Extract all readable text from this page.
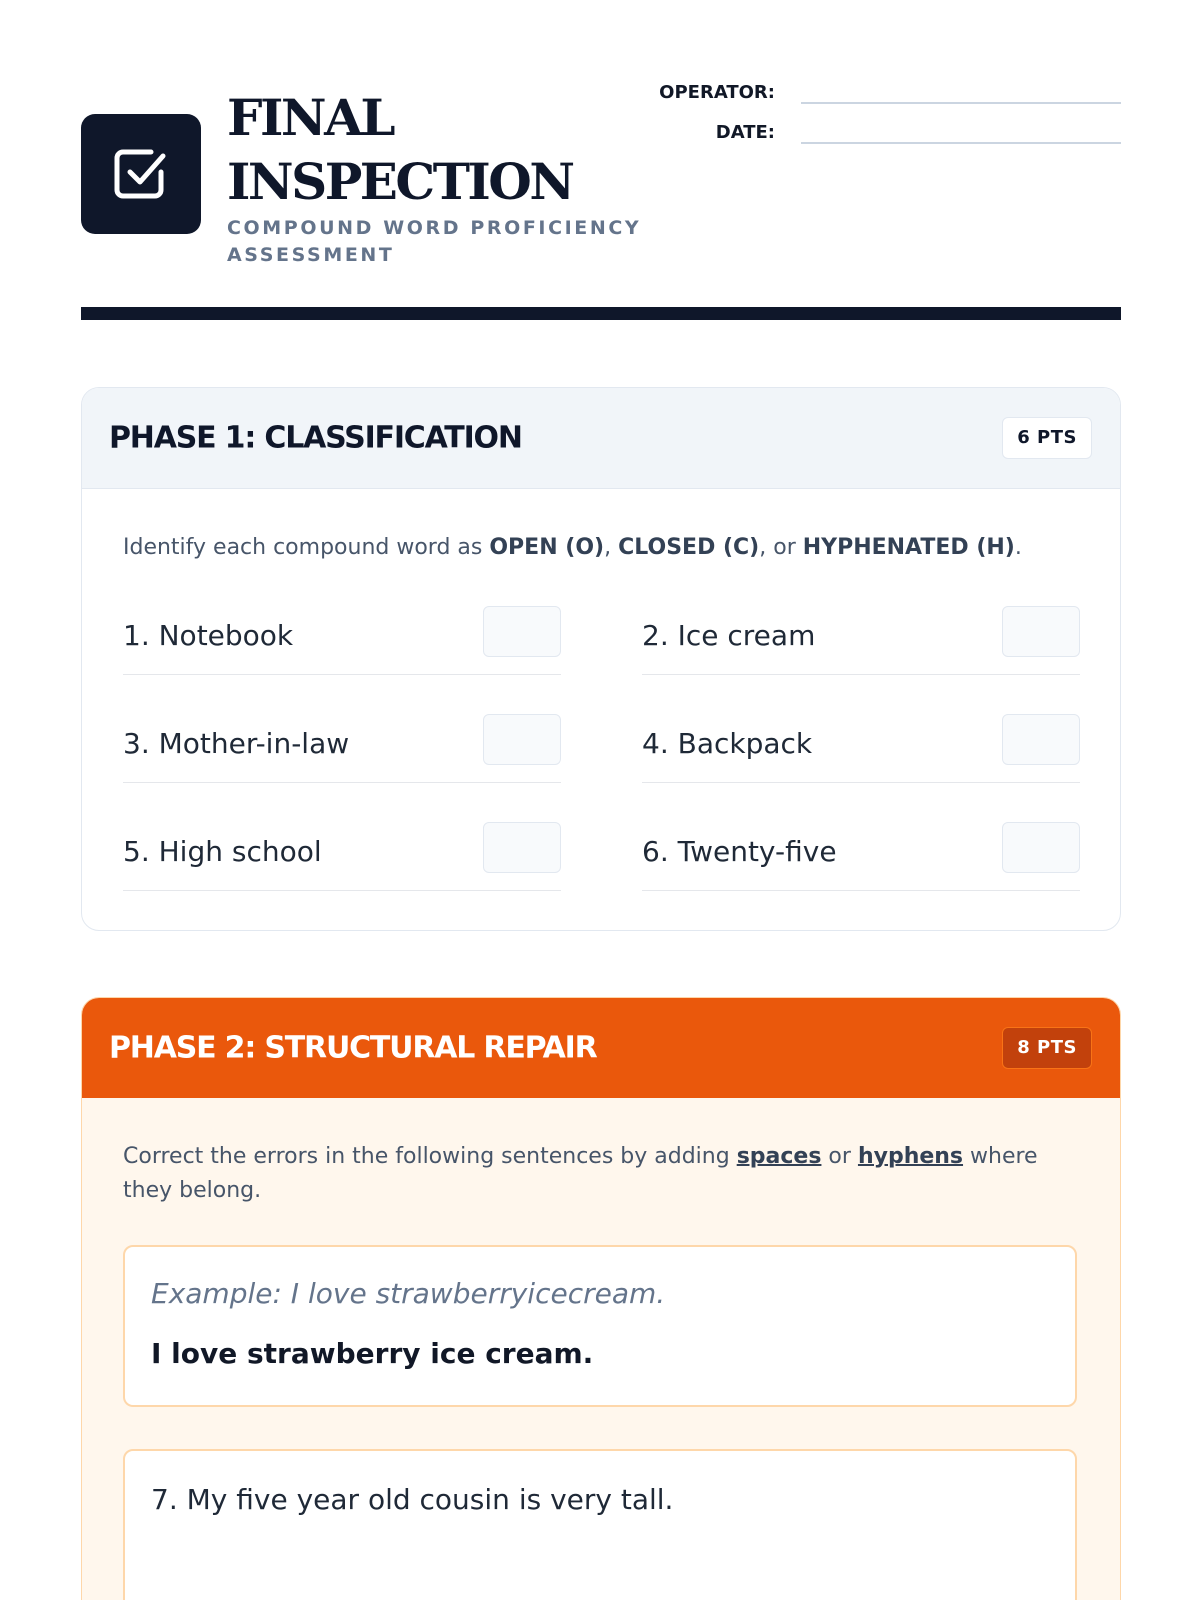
FINAL
INSPECTION
COMPOUND WORD PROFICIENCY ASSESSMENT
OPERATOR:
DATE:
PHASE 1: CLASSIFICATION	6 PTS
Identify each compound word as OPEN (O), CLOSED (C), or HYPHENATED (H).
1. Notebook	2. Ice cream
3. Mother-in-law	4. Backpack
5. High school	6. Twenty-five
PHASE 2: STRUCTURAL REPAIR	8 PTS
Correct the errors in the following sentences by adding spaces or hyphens where they belong.
Example: I love strawberryicecream.
I love strawberry ice cream.
7. My five year old cousin is very tall.
